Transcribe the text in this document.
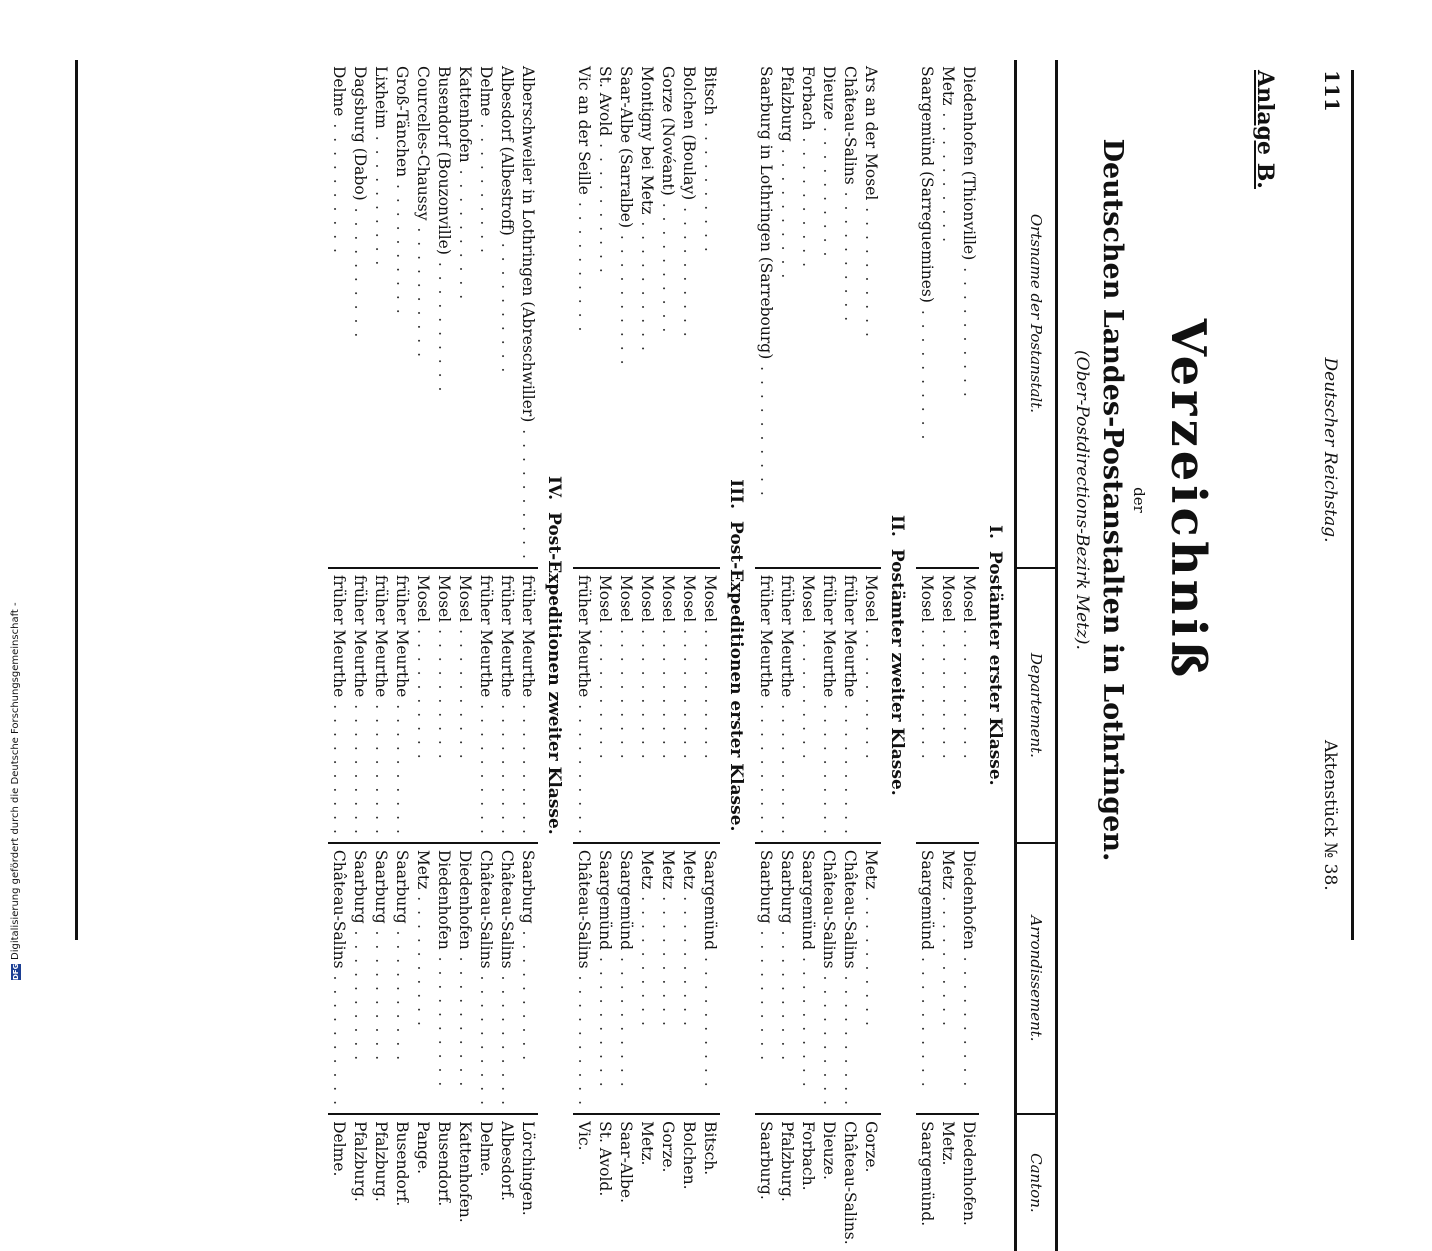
111
Deutscher Reichstag.
Aktenstück № 38.
Anlage B.
Verzeichniß
der
Deutschen Landes-Postanstalten in Lothringen.
(Ober-Postdirections-Bezirk Metz).
Ortsname der Postanstalt.	Departement.	Arrondissement.	Canton.
I.Postämter erster Klasse.			
Diedenhofen (Thionville) . . . . . . . . . .	Mosel . . . . . . . . . .	Diedenhofen . . . . . . . . . .	Diedenhofen.
Metz . . . . . . . . . .	Mosel . . . . . . . . . .	Metz . . . . . . . . . .	Metz.
Saargemünd (Sarreguemines) . . . . . . . . . .	Mosel . . . . . . . . . .	Saargemünd . . . . . . . . . .	Saargemünd.
II.Postämter zweiter Klasse.			
Ars an der Mosel . . . . . . . . . .	Mosel . . . . . . . . . .	Metz . . . . . . . . . .	Gorze.
Château-Salins . . . . . . . . . .	früher Meurthe . . . . . . . . . .	Château-Salins . . . . . . . . . .	Château-Salins.
Dieuze . . . . . . . . . .	früher Meurthe . . . . . . . . . .	Château-Salins . . . . . . . . . .	Dieuze.
Forbach . . . . . . . . . .	Mosel . . . . . . . . . .	Saargemünd . . . . . . . . . .	Forbach.
Pfalzburg . . . . . . . . . .	früher Meurthe . . . . . . . . . .	Saarburg . . . . . . . . . .	Pfalzburg.
Saarburg in Lothringen (Sarrebourg) . . . . . . . . . .	früher Meurthe . . . . . . . . . .	Saarburg . . . . . . . . . .	Saarburg.
III.Post-Expeditionen erster Klasse.			
Bitsch . . . . . . . . . .	Mosel . . . . . . . . . .	Saargemünd . . . . . . . . . .	Bitsch.
Bolchen (Boulay) . . . . . . . . . .	Mosel . . . . . . . . . .	Metz . . . . . . . . . .	Bolchen.
Gorze (Novéant) . . . . . . . . . .	Mosel . . . . . . . . . .	Metz . . . . . . . . . .	Gorze.
Montigny bei Metz . . . . . . . . . .	Mosel . . . . . . . . . .	Metz . . . . . . . . . .	Metz.
Saar-Albe (Sarralbe) . . . . . . . . . .	Mosel . . . . . . . . . .	Saargemünd . . . . . . . . . .	Saar-Albe.
St. Avold . . . . . . . . . .	Mosel . . . . . . . . . .	Saargemünd . . . . . . . . . .	St. Avold.
Vic an der Seille . . . . . . . . . .	früher Meurthe . . . . . . . . . .	Château-Salins . . . . . . . . . .	Vic.
IV.Post-Expeditionen zweiter Klasse.			
Alberschweiler in Lothringen (Abreschwiller) . . . . . . . . . .	früher Meurthe . . . . . . . . . .	Saarburg . . . . . . . . . .	Lörchingen.
Albesdorf (Albestroff) . . . . . . . . . .	früher Meurthe . . . . . . . . . .	Château-Salins . . . . . . . . . .	Albesdorf.
Delme . . . . . . . . . .	früher Meurthe . . . . . . . . . .	Château-Salins . . . . . . . . . .	Delme.
Kattenhofen . . . . . . . . . .	Mosel . . . . . . . . . .	Diedenhofen . . . . . . . . . .	Kattenhofen.
Busendorf (Bouzonville) . . . . . . . . . .	Mosel . . . . . . . . . .	Diedenhofen . . . . . . . . . .	Busendorf.
Courcelles-Chaussy . . . . . . . . . .	Mosel . . . . . . . . . .	Metz . . . . . . . . . .	Pange.
Groß-Tänchen . . . . . . . . . .	früher Meurthe . . . . . . . . . .	Saarburg . . . . . . . . . .	Busendorf.
Lixheim . . . . . . . . . .	früher Meurthe . . . . . . . . . .	Saarburg . . . . . . . . . .	Pfalzburg.
Dagsburg (Dabo) . . . . . . . . . .	früher Meurthe . . . . . . . . . .	Saarburg . . . . . . . . . .	Pfalzburg.
Delme . . . . . . . . . .	früher Meurthe . . . . . . . . . .	Château-Salins . . . . . . . . . .	Delme.
DFG
Digitalisierung gefördert durch die Deutsche Forschungsgemeinschaft -
